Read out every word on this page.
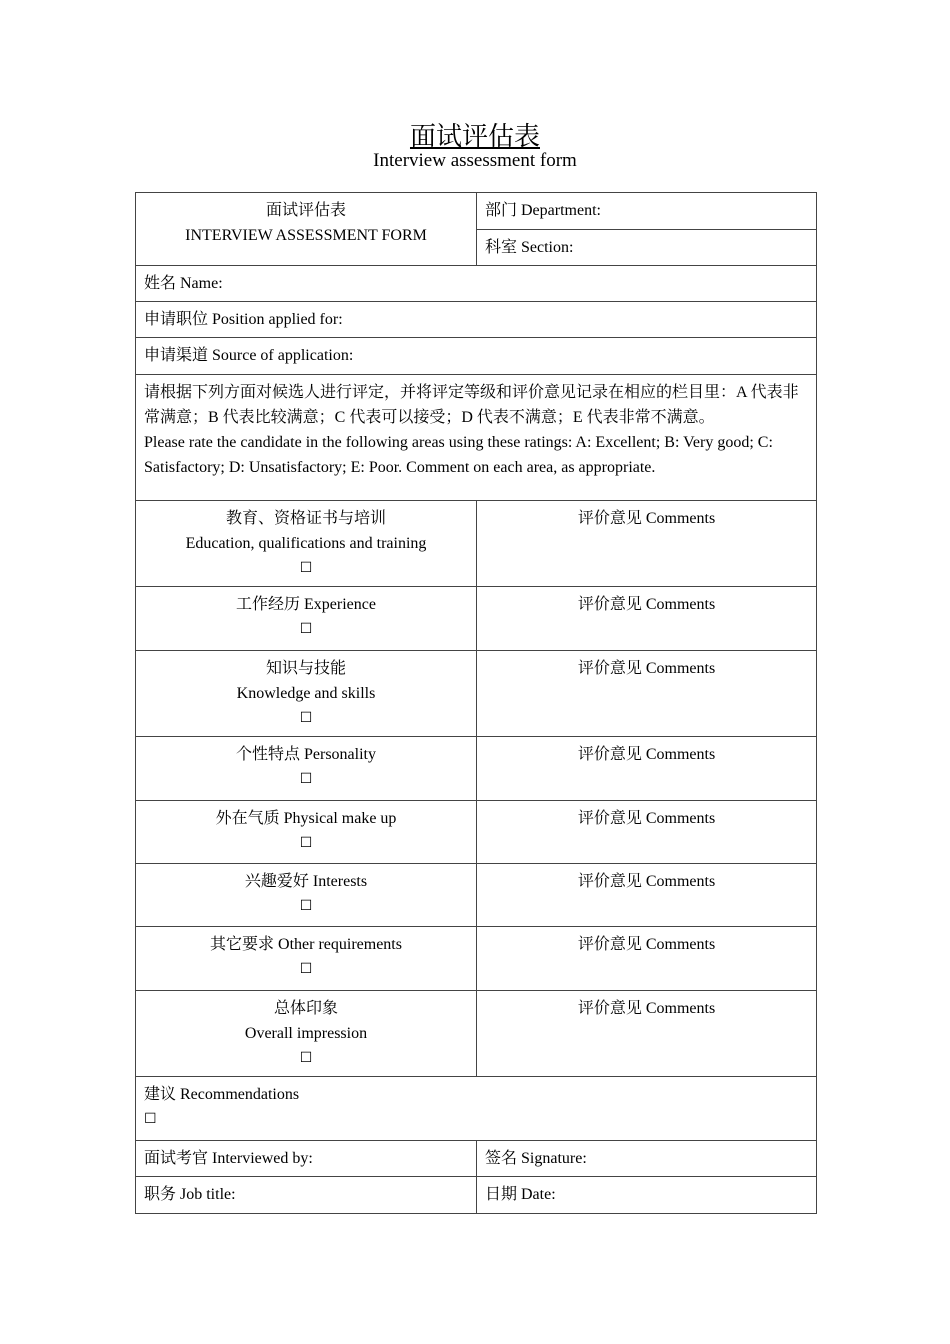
面试评估表
Interview assessment form
面试评估表
INTERVIEW ASSESSMENT FORM	部门 Department:
	科室 Section:
姓名 Name:	
申请职位 Position applied for:	
申请渠道 Source of application:	

请根据下列方面对候选人进行评定，并将评定等级和评价意见记录在相应的栏目里：A 代表非常满意；B 代表比较满意；C 代表可以接受；D 代表不满意；E 代表非常不满意。
Please rate the candidate in the following areas using these ratings: A: Excellent; B: Very good; C: Satisfactory; D: Unsatisfactory; E: Poor. Comment on each area, as appropriate.	

教育、资格证书与培训
Education, qualifications and training
☐	评价意见 Comments

工作经历 Experience
☐	评价意见 Comments

知识与技能
Knowledge and skills
☐	评价意见 Comments

个性特点 Personality
☐	评价意见 Comments

外在气质 Physical make up
☐	评价意见 Comments

兴趣爱好 Interests
☐	评价意见 Comments

其它要求 Other requirements
☐	评价意见 Comments

总体印象
Overall impression
☐	评价意见 Comments

建议 Recommendations
☐	

面试考官 Interviewed by:	签名 Signature:
职务 Job title:	日期 Date:
